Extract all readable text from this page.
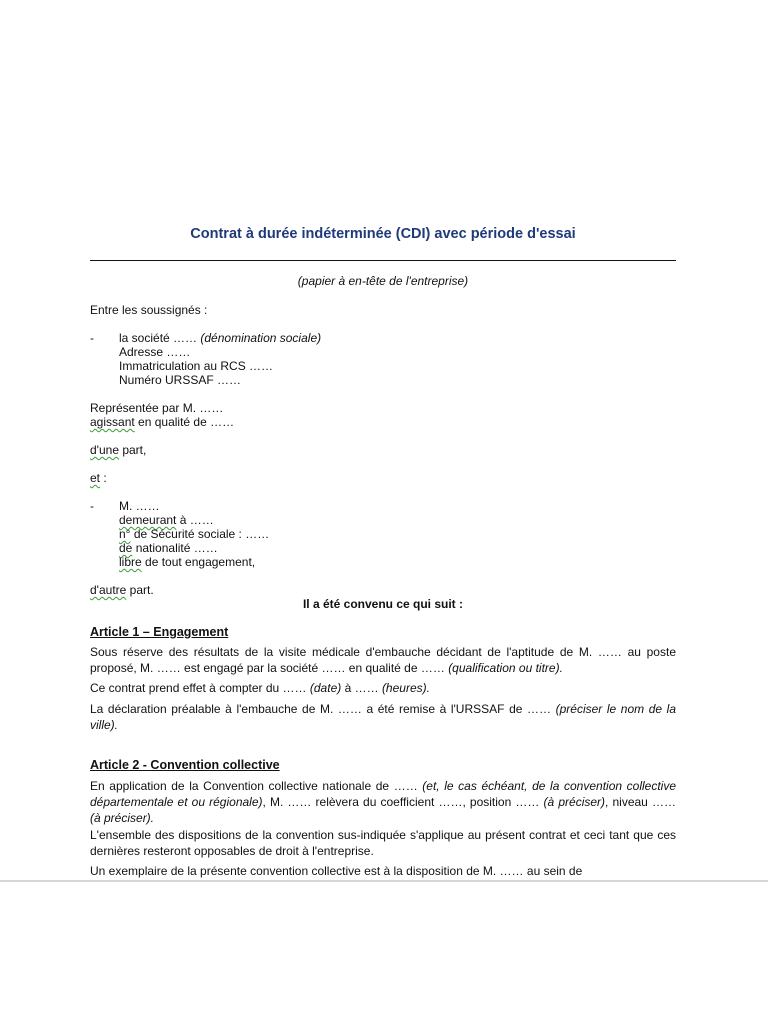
Contrat à durée indéterminée (CDI) avec période d'essai
(papier à en-tête de l'entreprise)
Entre les soussignés :
- la société …… (dénomination sociale)
Adresse ……
Immatriculation au RCS ……
Numéro URSSAF ……
Représentée par M. ……
agissant en qualité de ……
d'une part,
et :
- M. ……
demeurant à ……
n° de Sécurité sociale : ……
de nationalité ……
libre de tout engagement,
d'autre part.
Il a été convenu ce qui suit :
Article 1 – Engagement
Sous réserve des résultats de la visite médicale d'embauche décidant de l'aptitude de M. …… au poste proposé, M. …… est engagé par la société …… en qualité de …… (qualification ou titre).
Ce contrat prend effet à compter du …… (date) à …… (heures).
La déclaration préalable à l'embauche de M. …… a été remise à l'URSSAF de …… (préciser le nom de la ville).
Article 2 - Convention collective
En application de la Convention collective nationale de …… (et, le cas échéant, de la convention collective départementale et ou régionale), M. …… relèvera du coefficient ……, position …… (à préciser), niveau …… (à préciser).
L'ensemble des dispositions de la convention sus-indiquée s'applique au présent contrat et ceci tant que ces dernières resteront opposables de droit à l'entreprise.
Un exemplaire de la présente convention collective est à la disposition de M. …… au sein de
